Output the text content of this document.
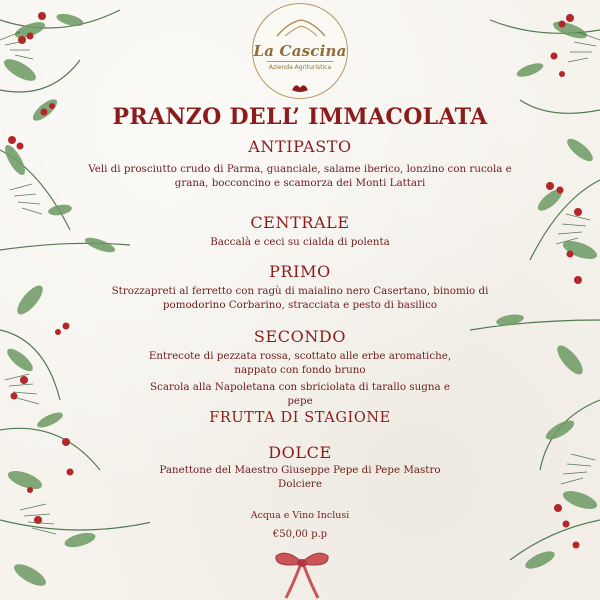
La Cascina
Azienda Agrituristica
PRANZO DELL’ IMMACOLATA
ANTIPASTO
Veli di prosciutto crudo di Parma, guanciale, salame iberico, lonzino con rucola e
grana, bocconcino e scamorza dei Monti Lattari
CENTRALE
Baccalà e ceci su cialda di polenta
PRIMO
Strozzapreti al ferretto con ragù di maialino nero Casertano, binomio di
pomodorino Corbarino, stracciata e pesto di basilico
SECONDO
Entrecote di pezzata rossa, scottato alle erbe aromatiche,
nappato con fondo bruno
Scarola alla Napoletana con sbriciolata di tarallo sugna e
pepe
FRUTTA DI STAGIONE
DOLCE
Panettone del Maestro Giuseppe Pepe di Pepe Mastro
Dolciere
Acqua e Vino Inclusi
€50,00 p.p
